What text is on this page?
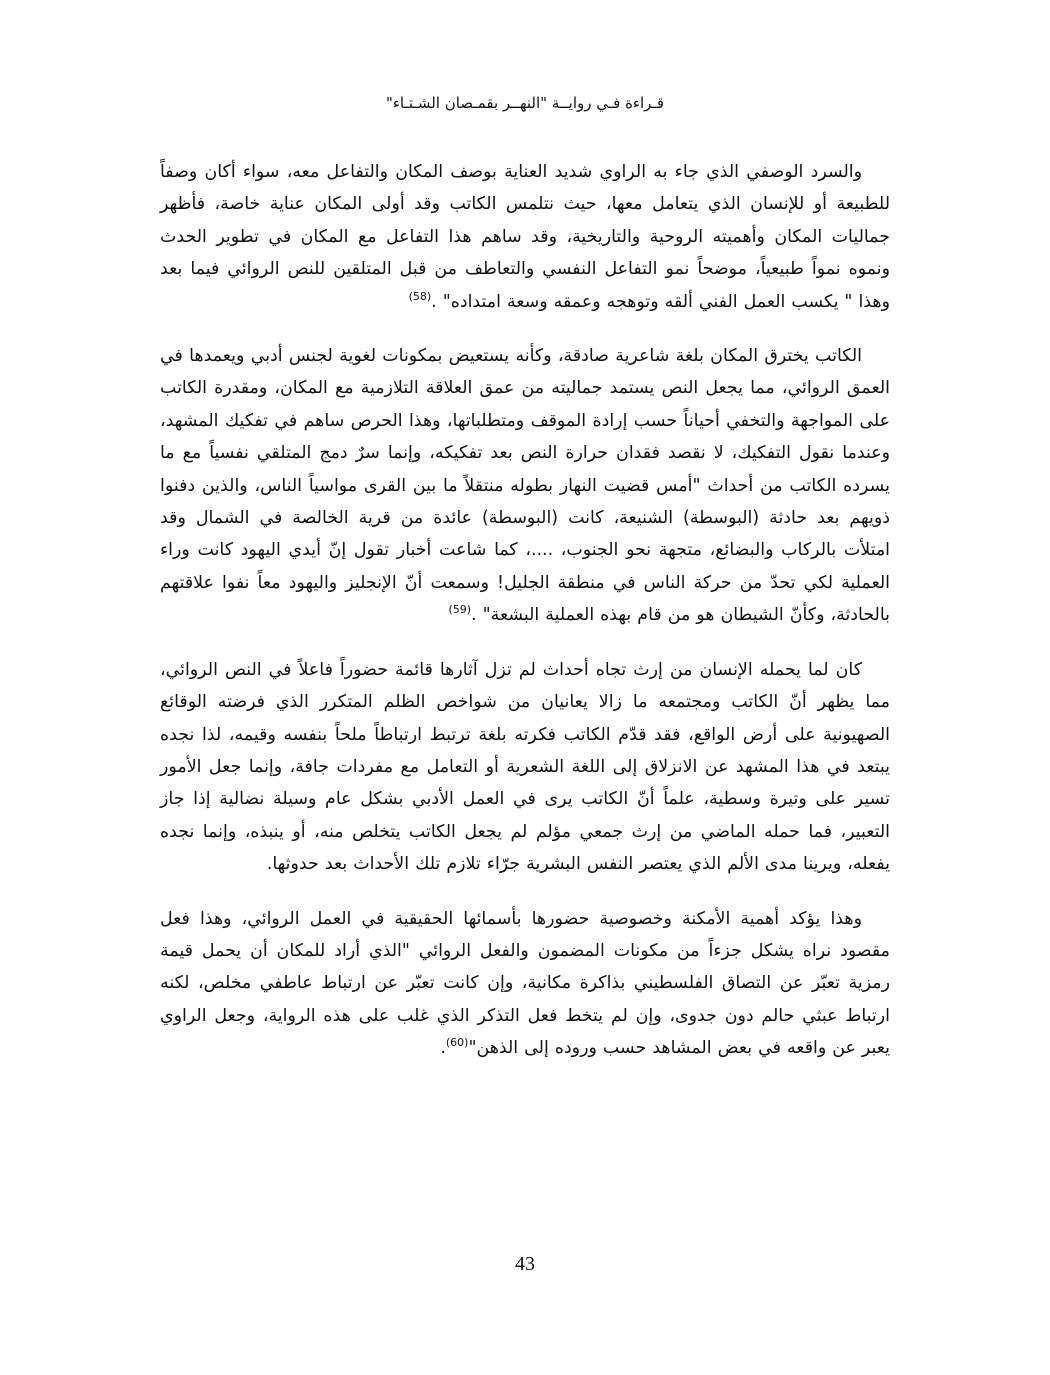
قـراءة فـي روايــة "النهــر بقمـصان الشـتـاء"

والسرد الوصفي الذي جاء به الراوي شديد العناية بوصف المكان والتفاعل معه، سواء أكان وصفاً للطبيعة أو للإنسان الذي يتعامل معها، حيث نتلمس الكاتب وقد أولى المكان عناية خاصة، فأظهر جماليات المكان وأهميته الروحية والتاريخية، وقد ساهم هذا التفاعل مع المكان في تطوير الحدث ونموه نمواً طبيعياً، موضحاً نمو التفاعل النفسي والتعاطف من قبل المتلقين للنص الروائي فيما بعد وهذا " يكسب العمل الفني ألقه وتوهجه وعمقه وسعة امتداده" .$^{(58)}$

الكاتب يخترق المكان بلغة شاعرية صادقة، وكأنه يستعيض بمكونات لغوية لجنس أدبي ويعمدها في العمق الروائي، مما يجعل النص يستمد جماليته من عمق العلاقة التلازمية مع المكان، ومقدرة الكاتب على المواجهة والتخفي أحياناً حسب إرادة الموقف ومتطلباتها، وهذا الحرص ساهم في تفكيك المشهد، وعندما نقول التفكيك، لا نقصد فقدان حرارة النص بعد تفكيكه، وإنما سرٌ دمج المتلقي نفسياً مع ما يسرده الكاتب من أحداث "أمس قضيت النهار بطوله منتقلاً ما بين القرى مواسياً الناس، والذين دفنوا ذويهم بعد حادثة (البوسطة) الشنيعة، كانت (البوسطة) عائدة من قرية الخالصة في الشمال وقد امتلأت بالركاب والبضائع، متجهة نحو الجنوب، ....، كما شاعت أخبار تقول إنّ أيدي اليهود كانت وراء العملية لكي تحدّ من حركة الناس في منطقة الجليل! وسمعت أنّ الإنجليز واليهود معاً نفوا علاقتهم بالحادثة، وكأنّ الشيطان هو من قام بهذه العملية البشعة" .$^{(59)}$

كان لما يحمله الإنسان من إرث تجاه أحداث لم تزل آثارها قائمة حضوراً فاعلاً في النص الروائي، مما يظهر أنّ الكاتب ومجتمعه ما زالا يعانيان من شواخص الظلم المتكرر الذي فرضته الوقائع الصهيونية على أرض الواقع، فقد قدّم الكاتب فكرته بلغة ترتبط ارتباطاً ملحاً بنفسه وقيمه، لذا نجده يبتعد في هذا المشهد عن الانزلاق إلى اللغة الشعرية أو التعامل مع مفردات جافة، وإنما جعل الأمور تسير على وتيرة وسطية، علماً أنّ الكاتب يرى في العمل الأدبي بشكل عام وسيلة نضالية إذا جاز التعبير، فما حمله الماضي من إرث جمعي مؤلم لم يجعل الكاتب يتخلص منه، أو ينبذه، وإنما نجده يفعله، ويرينا مدى الألم الذي يعتصر النفس البشرية جرّاء تلازم تلك الأحداث بعد حدوثها.

وهذا يؤكد أهمية الأمكنة وخصوصية حضورها بأسمائها الحقيقية في العمل الروائي، وهذا فعل مقصود نراه يشكل جزءاً من مكونات المضمون والفعل الروائي "الذي أراد للمكان أن يحمل قيمة رمزية تعبّر عن التصاق الفلسطيني بذاكرة مكانية، وإن كانت تعبّر عن ارتباط عاطفي مخلص، لكنه ارتباط عبثي حالم دون جدوى، وإن لم يتخط فعل التذكر الذي غلب على هذه الرواية، وجعل الراوي يعبر عن واقعه في بعض المشاهد حسب وروده إلى الذهن"$^{(60)}$.

43
